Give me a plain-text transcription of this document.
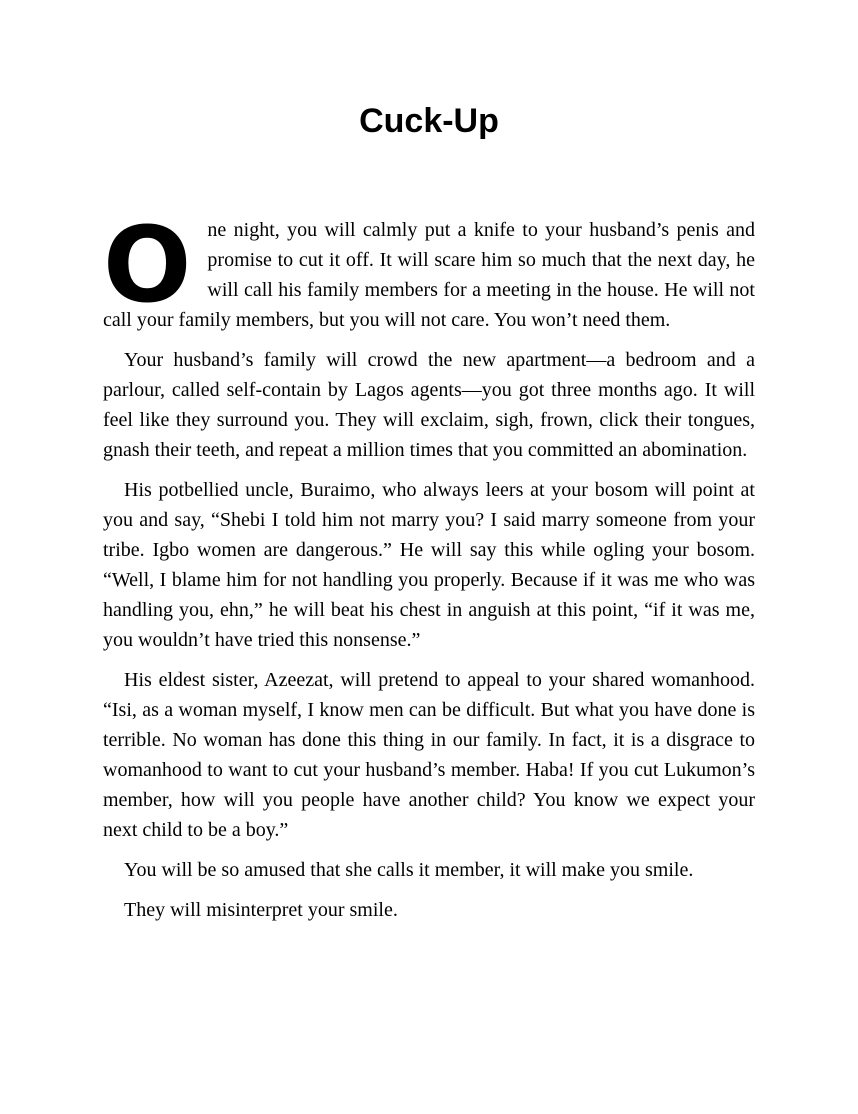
Cuck-Up

One night, you will calmly put a knife to your husband’s penis and promise to cut it off. It will scare him so much that the next day, he will call his family members for a meeting in the house. He will not call your family members, but you will not care. You won’t need them.

Your husband’s family will crowd the new apartment—a bedroom and a parlour, called self-contain by Lagos agents—you got three months ago. It will feel like they surround you. They will exclaim, sigh, frown, click their tongues, gnash their teeth, and repeat a million times that you committed an abomination.

His potbellied uncle, Buraimo, who always leers at your bosom will point at you and say, “Shebi I told him not marry you? I said marry someone from your tribe. Igbo women are dangerous.” He will say this while ogling your bosom. “Well, I blame him for not handling you properly. Because if it was me who was handling you, ehn,” he will beat his chest in anguish at this point, “if it was me, you wouldn’t have tried this nonsense.”

His eldest sister, Azeezat, will pretend to appeal to your shared womanhood. “Isi, as a woman myself, I know men can be difficult. But what you have done is terrible. No woman has done this thing in our family. In fact, it is a disgrace to womanhood to want to cut your husband’s member. Haba! If you cut Lukumon’s member, how will you people have another child? You know we expect your next child to be a boy.”

You will be so amused that she calls it member, it will make you smile.

They will misinterpret your smile.
